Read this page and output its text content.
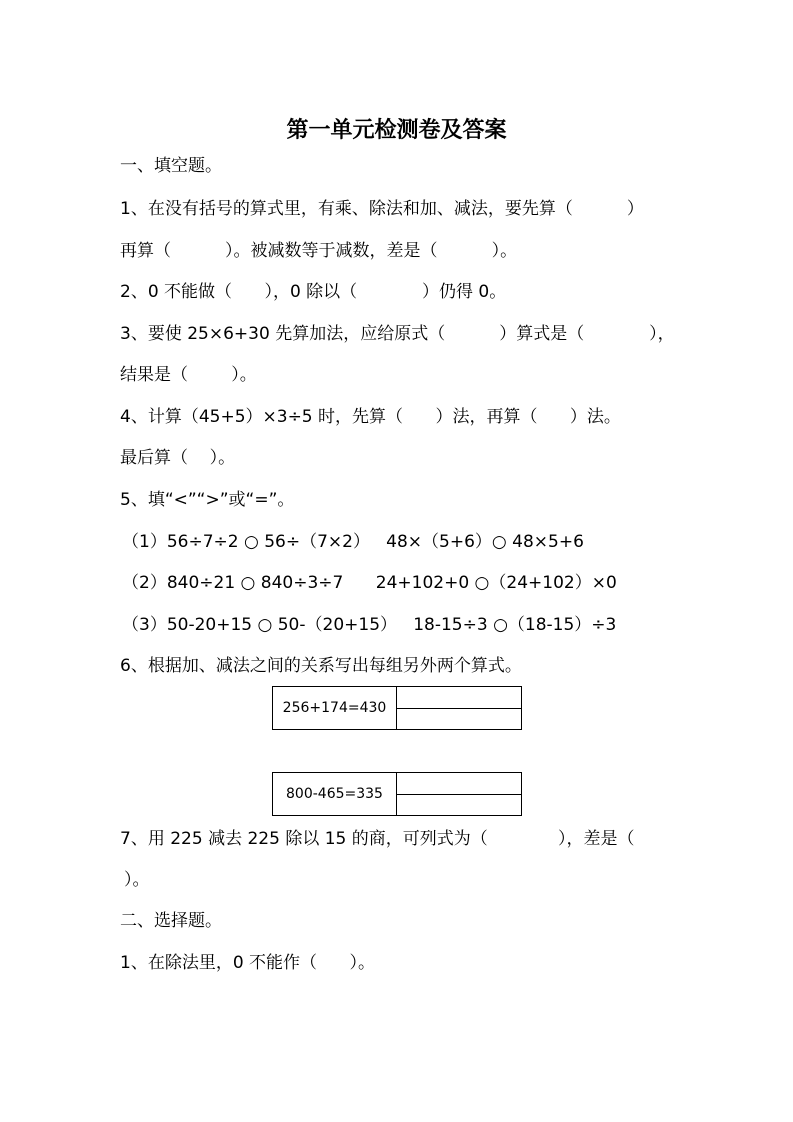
第一单元检测卷及答案
一、填空题。
1、在没有括号的算式里，有乘、除法和加、减法，要先算（          ）
再算（          ）。被减数等于减数，差是（          ）。
2、0 不能做（      ），0 除以（            ）仍得 0。
3、要使 25×6+30 先算加法，应给原式（          ）算式是（            ），
结果是（        ）。
4、计算（45+5）×3÷5 时，先算（      ）法，再算（      ）法。
最后算（    ）。
5、填“<”“>”或“=”。
（1）56÷7÷2 ○ 56÷（7×2）   48×（5+6）○ 48×5+6
（2）840÷21 ○ 840÷3÷7      24+102+0 ○（24+102）×0
（3）50-20+15 ○ 50-（20+15）   18-15÷3 ○（18-15）÷3
6、根据加、减法之间的关系写出每组另外两个算式。
256+174=430	

800-465=335	

7、用 225 减去 225 除以 15 的商，可列式为（             ），差是（
）。
二、选择题。
1、在除法里，0 不能作（      ）。
